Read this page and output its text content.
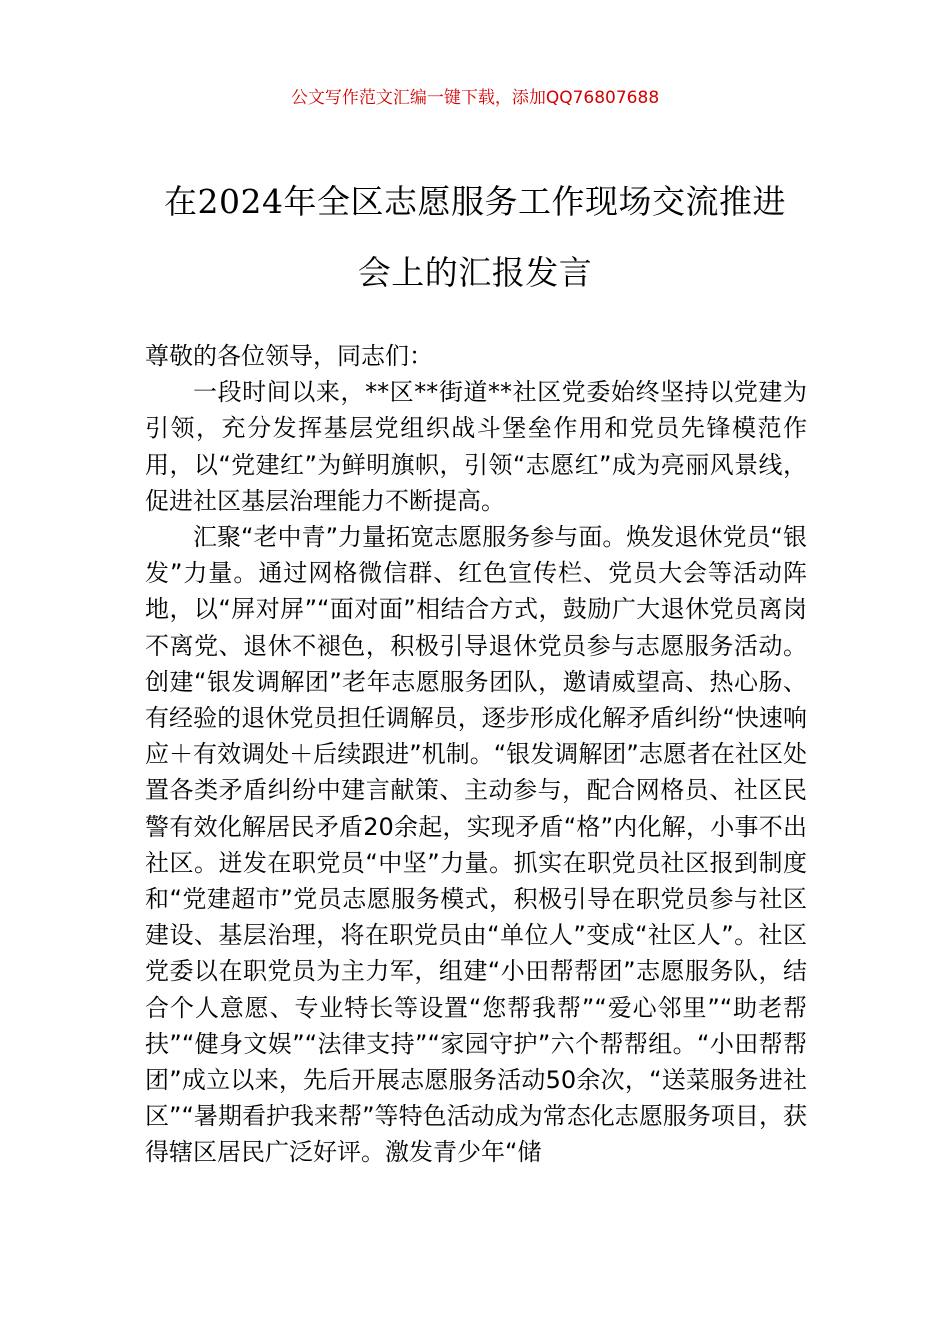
公文写作范文汇编一键下载，添加QQ76807688
在2024年全区志愿服务工作现场交流推进
会上的汇报发言

尊敬的各位领导，同志们：

一段时间以来，**区**街道**社区党委始终坚持以党建为引领，充分发挥基层党组织战斗堡垒作用和党员先锋模范作用，以“党建红”为鲜明旗帜，引领“志愿红”成为亮丽风景线，促进社区基层治理能力不断提高。

汇聚“老中青”力量拓宽志愿服务参与面。焕发退休党员“银发”力量。通过网格微信群、红色宣传栏、党员大会等活动阵地，以“屏对屏”“面对面”相结合方式，鼓励广大退休党员离岗不离党、退休不褪色，积极引导退休党员参与志愿服务活动。创建“银发调解团”老年志愿服务团队，邀请威望高、热心肠、有经验的退休党员担任调解员，逐步形成化解矛盾纠纷“快速响应＋有效调处＋后续跟进”机制。“银发调解团”志愿者在社区处置各类矛盾纠纷中建言献策、主动参与，配合网格员、社区民警有效化解居民矛盾20余起，实现矛盾“格”内化解，小事不出社区。迸发在职党员“中坚”力量。抓实在职党员社区报到制度和“党建超市”党员志愿服务模式，积极引导在职党员参与社区建设、基层治理，将在职党员由“单位人”变成“社区人”。社区党委以在职党员为主力军，组建“小田帮帮团”志愿服务队，结合个人意愿、专业特长等设置“您帮我帮”“爱心邻里”“助老帮扶”“健身文娱”“法律支持”“家园守护”六个帮帮组。“小田帮帮团”成立以来，先后开展志愿服务活动50余次，“送菜服务进社区”“暑期看护我来帮”等特色活动成为常态化志愿服务项目，获得辖区居民广泛好评。激发青少年“储
